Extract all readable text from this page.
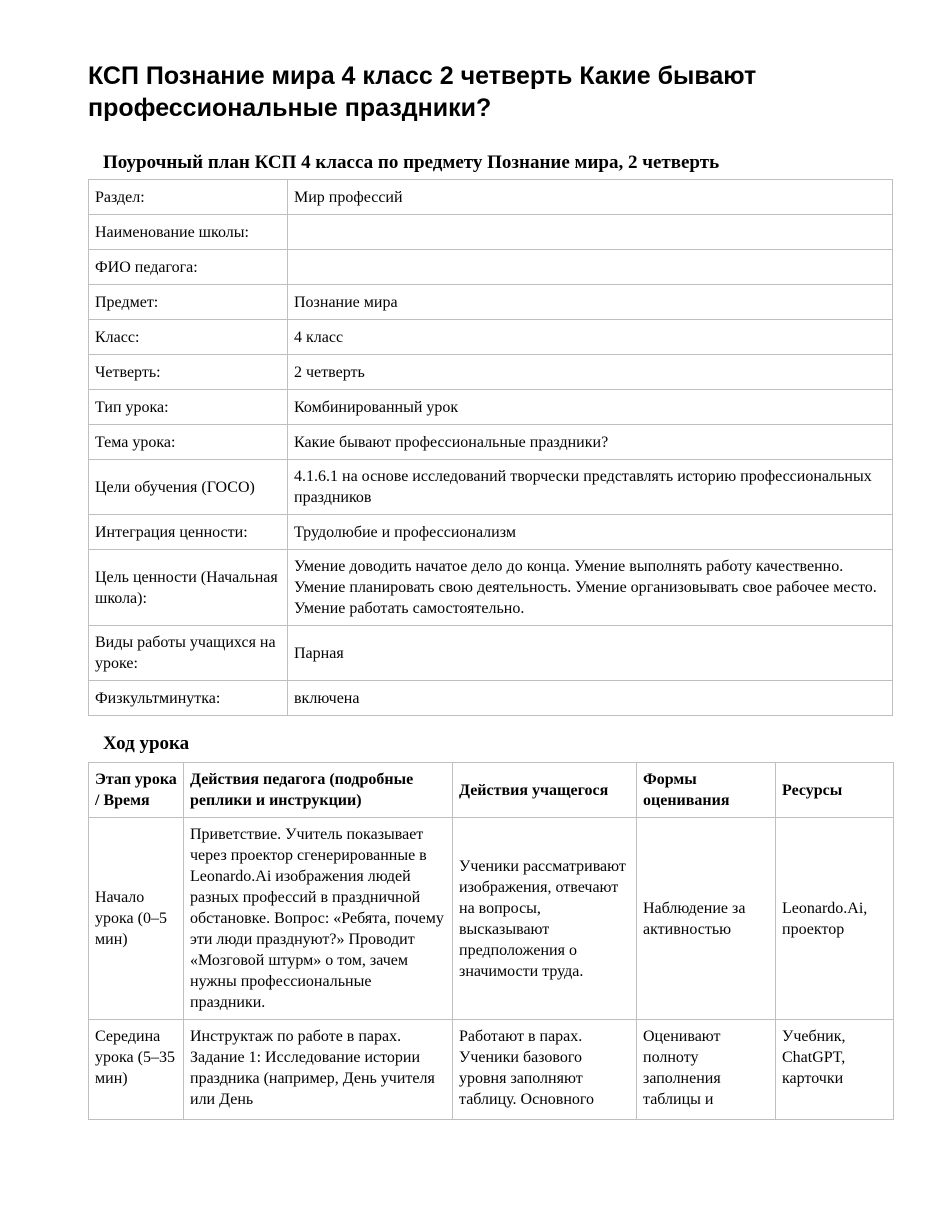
КСП Познание мира 4 класс 2 четверть Какие бывают профессиональные праздники?
Поурочный план КСП 4 класса по предмету Познание мира, 2 четверть
Раздел:	Мир профессий
Наименование школы:	
ФИО педагога:	
Предмет:	Познание мира
Класс:	4 класс
Четверть:	2 четверть
Тип урока:	Комбинированный урок
Тема урока:	Какие бывают профессиональные праздники?
Цели обучения (ГОСО)	4.1.6.1 на основе исследований творчески представлять историю профессиональных праздников
Интеграция ценности:	Трудолюбие и профессионализм
Цель ценности (Начальная школа):	Умение доводить начатое дело до конца. Умение выполнять работу качественно. Умение планировать свою деятельность. Умение организовывать свое рабочее место. Умение работать самостоятельно.
Виды работы учащихся на уроке:	Парная
Физкультминутка:	включена
Ход урока
Этап урока / Время	Действия педагога (подробные реплики и инструкции)	Действия учащегося	Формы оценивания	Ресурсы
Начало урока (0–5 мин)	Приветствие. Учитель показывает через проектор сгенерированные в Leonardo.Ai изображения людей разных профессий в праздничной обстановке. Вопрос: «Ребята, почему эти люди празднуют?» Проводит «Мозговой штурм» о том, зачем нужны профессиональные праздники.	Ученики рассматривают изображения, отвечают на вопросы, высказывают предположения о значимости труда.	Наблюдение за активностью	Leonardo.Ai, проектор
Середина урока (5–35 мин)	Инструктаж по работе в парах. Задание 1: Исследование истории праздника (например, День учителя или День	Работают в парах. Ученики базового уровня заполняют таблицу. Основного	Оценивают полноту заполнения таблицы и	Учебник, ChatGPT, карточки
